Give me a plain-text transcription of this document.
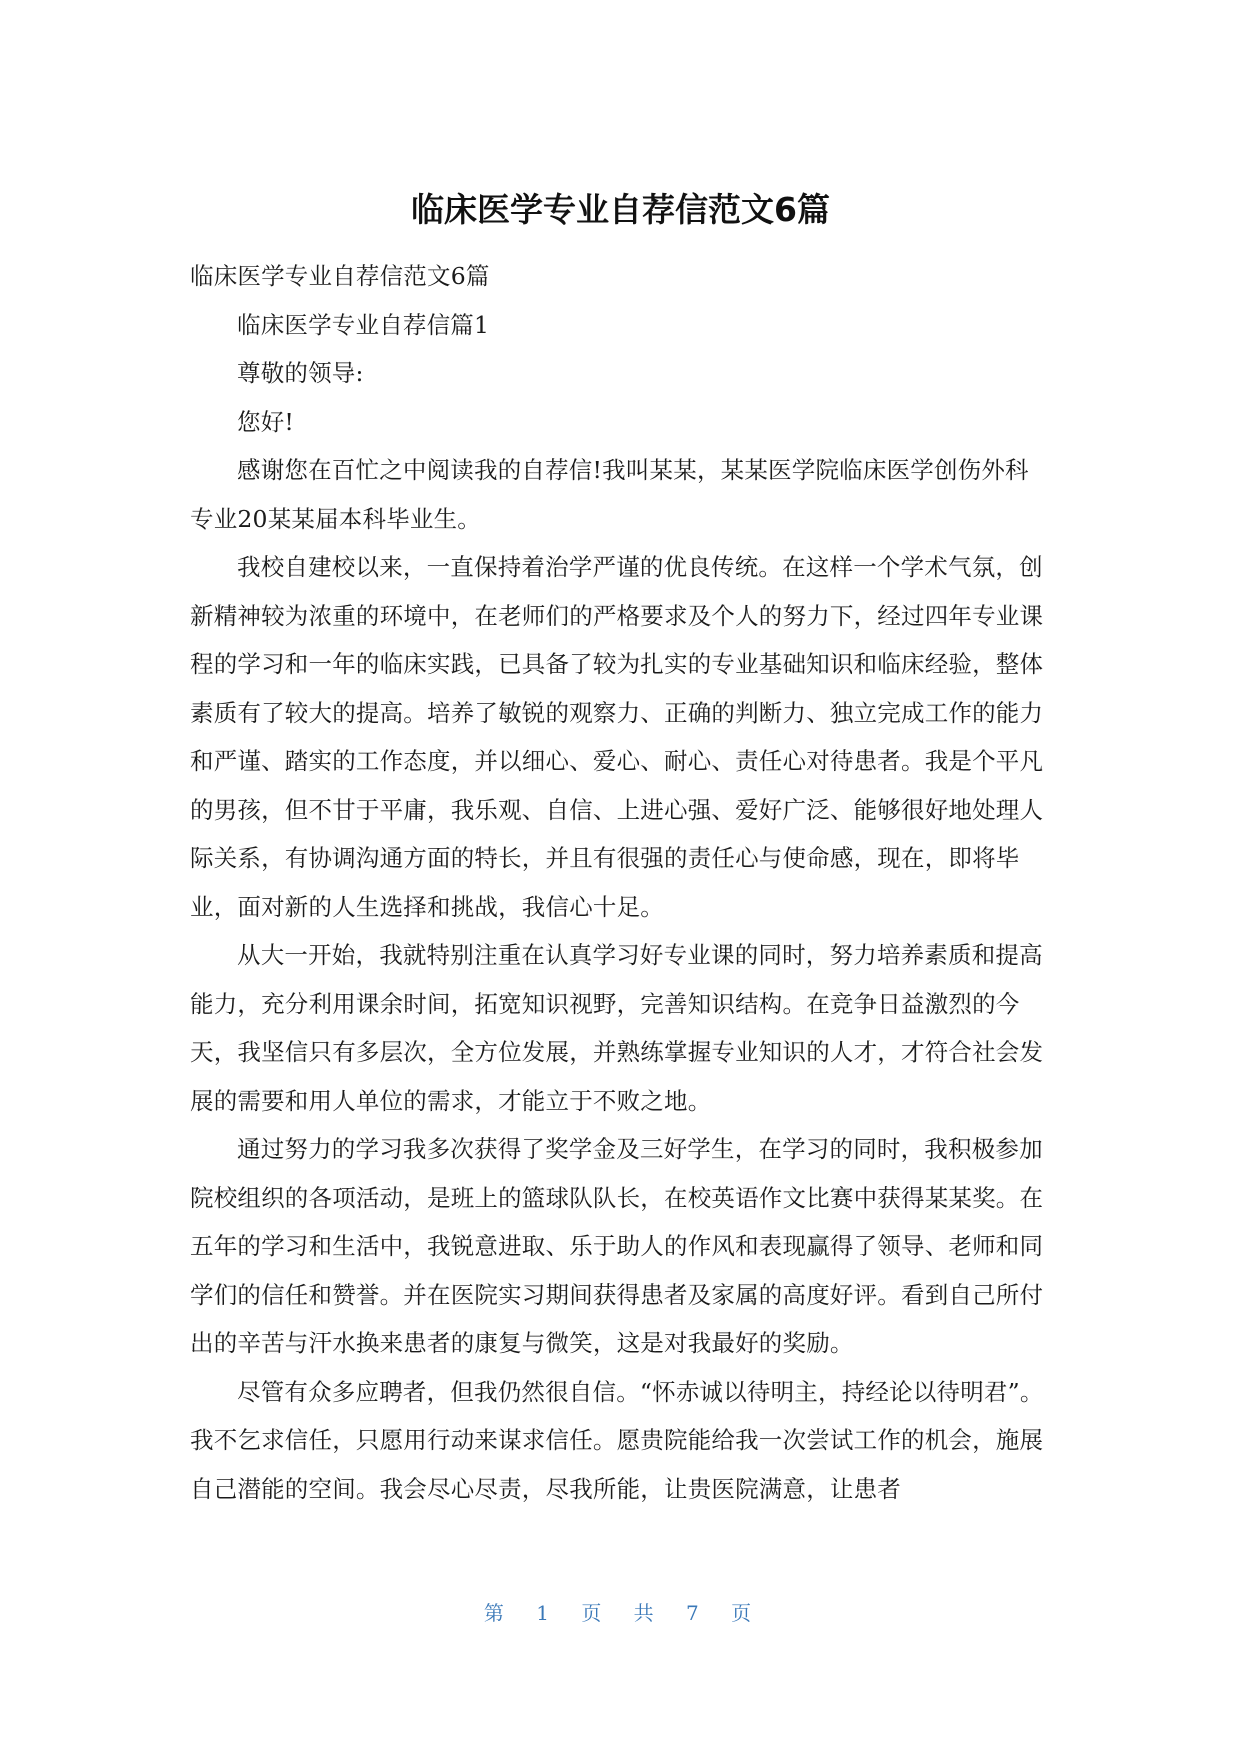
临床医学专业自荐信范文6篇

临床医学专业自荐信范文6篇

临床医学专业自荐信篇1

尊敬的领导:

您好!

感谢您在百忙之中阅读我的自荐信!我叫某某，某某医学院临床医学创伤外科专业20某某届本科毕业生。

我校自建校以来，一直保持着治学严谨的优良传统。在这样一个学术气氛，创新精神较为浓重的环境中，在老师们的严格要求及个人的努力下，经过四年专业课程的学习和一年的临床实践，已具备了较为扎实的专业基础知识和临床经验，整体素质有了较大的提高。培养了敏锐的观察力、正确的判断力、独立完成工作的能力和严谨、踏实的工作态度，并以细心、爱心、耐心、责任心对待患者。我是个平凡的男孩，但不甘于平庸，我乐观、自信、上进心强、爱好广泛、能够很好地处理人际关系，有协调沟通方面的特长，并且有很强的责任心与使命感，现在，即将毕业，面对新的人生选择和挑战，我信心十足。

从大一开始，我就特别注重在认真学习好专业课的同时，努力培养素质和提高能力，充分利用课余时间，拓宽知识视野，完善知识结构。在竞争日益激烈的今天，我坚信只有多层次，全方位发展，并熟练掌握专业知识的人才，才符合社会发展的需要和用人单位的需求，才能立于不败之地。

通过努力的学习我多次获得了奖学金及三好学生，在学习的同时，我积极参加院校组织的各项活动，是班上的篮球队队长，在校英语作文比赛中获得某某奖。在五年的学习和生活中，我锐意进取、乐于助人的作风和表现赢得了领导、老师和同学们的信任和赞誉。并在医院实习期间获得患者及家属的高度好评。看到自己所付出的辛苦与汗水换来患者的康复与微笑，这是对我最好的奖励。

尽管有众多应聘者，但我仍然很自信。“怀赤诚以待明主，持经论以待明君”。我不乞求信任，只愿用行动来谋求信任。愿贵院能给我一次尝试工作的机会，施展自己潜能的空间。我会尽心尽责，尽我所能，让贵医院满意，让患者

第 1 页 共 7 页
